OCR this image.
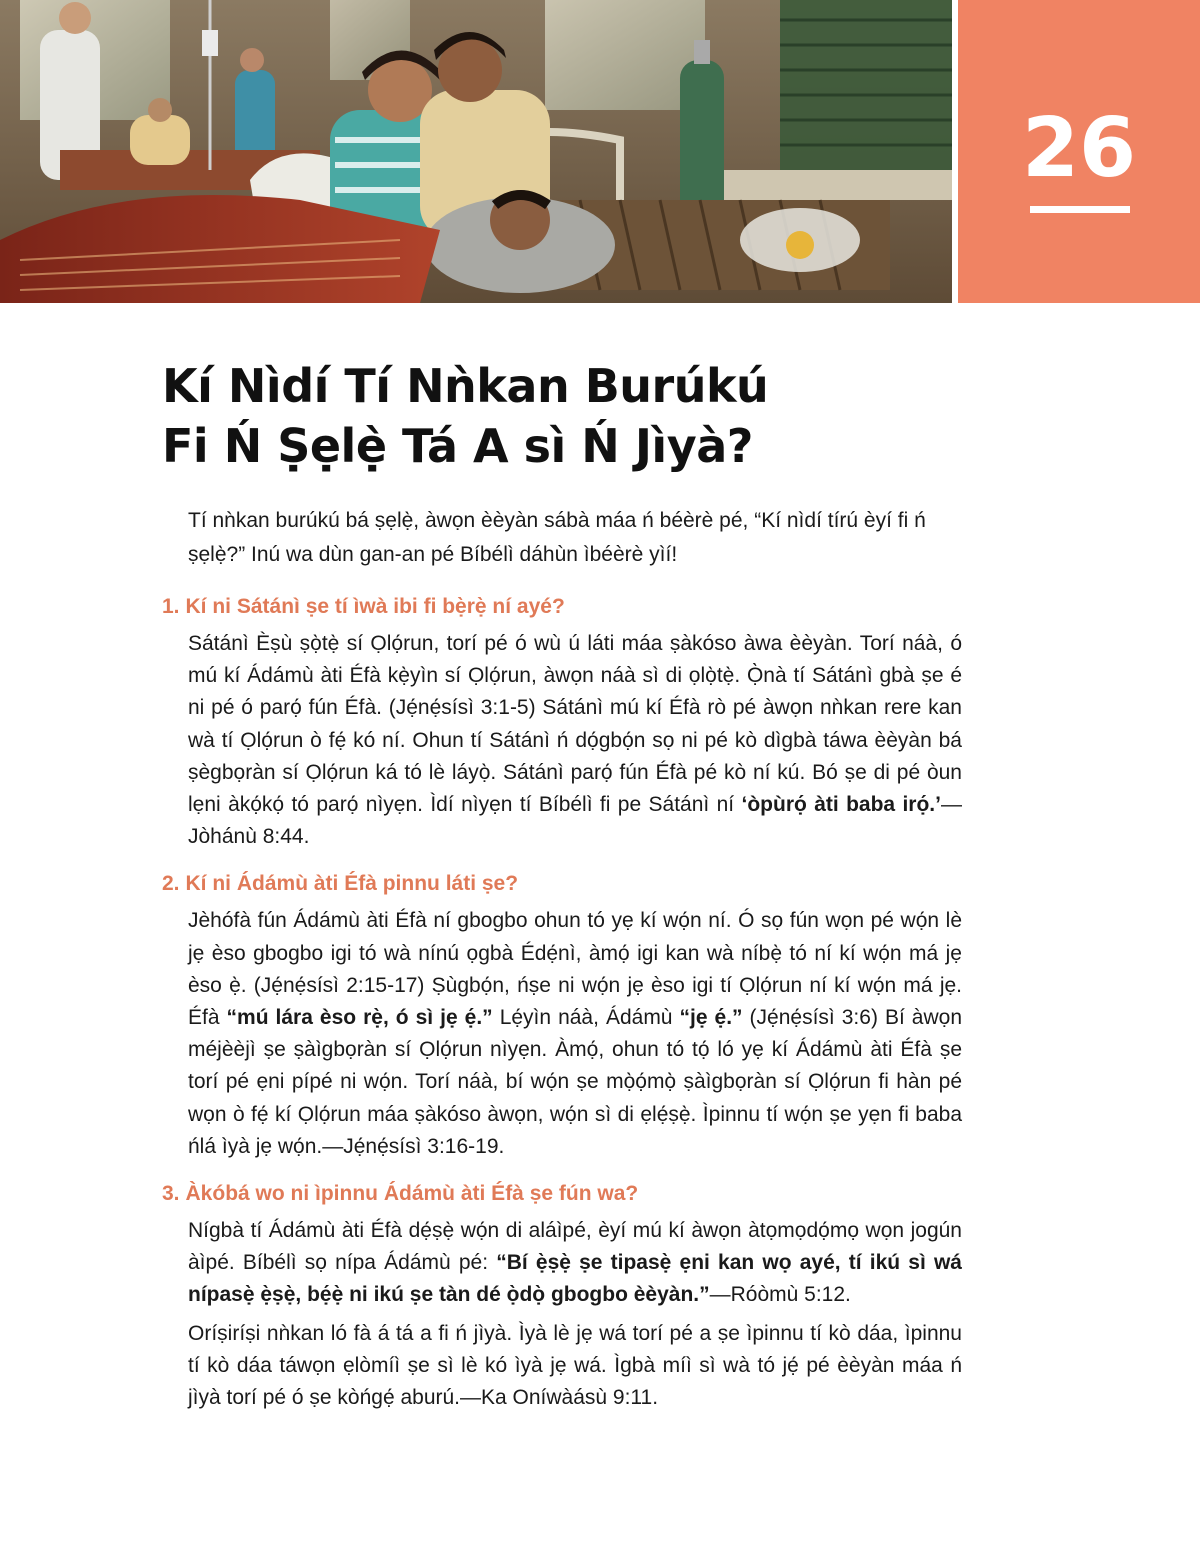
26
Kí Nìdí Tí Nǹkan Burúkú
Fi Ń Ṣẹlẹ̀ Tá A sì Ń Jìyà?

Tí nǹkan burúkú bá ṣẹlẹ̀, àwọn èèyàn sábà máa ń béèrè pé, “Kí nìdí tírú èyí fi ń ṣẹlẹ̀?” Inú wa dùn gan-an pé Bíbélì dáhùn ìbéèrè yìí!

1. Kí ni Sátánì ṣe tí ìwà ibi fi bẹ̀rẹ̀ ní ayé?

Sátánì Èṣù ṣọ̀tẹ̀ sí Ọlọ́run, torí pé ó wù ú láti máa ṣàkóso àwa èèyàn. Torí náà, ó mú kí Ádámù àti Éfà kẹ̀yìn sí Ọlọ́run, àwọn náà sì di ọlọ̀tẹ̀. Ọ̀nà tí Sátánì gbà ṣe é ni pé ó parọ́ fún Éfà. (Jẹ́nẹ́sísì 3:1-5) Sátánì mú kí Éfà rò pé àwọn nǹkan rere kan wà tí Ọlọ́run ò fẹ́ kó ní. Ohun tí Sátánì ń dọ́gbọ́n sọ ni pé kò dìgbà táwa èèyàn bá ṣègbọràn sí Ọlọ́run ká tó lè láyọ̀. Sátánì parọ́ fún Éfà pé kò ní kú. Bó ṣe di pé òun lẹni àkọ́kọ́ tó parọ́ nìyẹn. Ìdí nìyẹn tí Bíbélì fi pe Sátánì ní ‘òpùrọ́ àti baba irọ́.’—Jòhánù 8:44.

2. Kí ni Ádámù àti Éfà pinnu láti ṣe?

Jèhófà fún Ádámù àti Éfà ní gbogbo ohun tó yẹ kí wọ́n ní. Ó sọ fún wọn pé wọ́n lè jẹ èso gbogbo igi tó wà nínú ọgbà Édẹ́nì, àmọ́ igi kan wà níbẹ̀ tó ní kí wọ́n má jẹ èso ẹ̀. (Jẹ́nẹ́sísì 2:15-17) Ṣùgbọ́n, ńṣe ni wọ́n jẹ èso igi tí Ọlọ́run ní kí wọ́n má jẹ. Éfà “mú lára èso rẹ̀, ó sì jẹ ẹ́.” Lẹ́yìn náà, Ádámù “jẹ ẹ́.” (Jẹ́nẹ́sísì 3:6) Bí àwọn méjèèjì ṣe ṣàìgbọràn sí Ọlọ́run nìyẹn. Àmọ́, ohun tó tọ́ ló yẹ kí Ádámù àti Éfà ṣe torí pé ẹni pípé ni wọ́n. Torí náà, bí wọ́n ṣe mọ̀ọ́mọ̀ ṣàìgbọràn sí Ọlọ́run fi hàn pé wọn ò fẹ́ kí Ọlọ́run máa ṣàkóso àwọn, wọ́n sì di ẹlẹ́ṣẹ̀. Ìpinnu tí wọ́n ṣe yẹn fi baba ńlá ìyà jẹ wọ́n.—Jẹ́nẹ́sísì 3:16-19.

3. Àkóbá wo ni ìpinnu Ádámù àti Éfà ṣe fún wa?

Nígbà tí Ádámù àti Éfà dẹ́ṣẹ̀ wọ́n di aláìpé, èyí mú kí àwọn àtọmọdọ́mọ wọn jogún àìpé. Bíbélì sọ nípa Ádámù pé: “Bí ẹ̀ṣẹ̀ ṣe tipasẹ̀ ẹni kan wọ ayé, tí ikú sì wá nípasẹ̀ ẹ̀ṣẹ̀, bẹ́ẹ̀ ni ikú ṣe tàn dé ọ̀dọ̀ gbogbo èèyàn.”—Róòmù 5:12.

Oríṣiríṣi nǹkan ló fà á tá a fi ń jìyà. Ìyà lè jẹ wá torí pé a ṣe ìpinnu tí kò dáa, ìpinnu tí kò dáa táwọn ẹlòmíì ṣe sì lè kó ìyà jẹ wá. Ìgbà míì sì wà tó jẹ́ pé èèyàn máa ń jìyà torí pé ó ṣe kòńgẹ́ aburú.—Ka Oníwàásù 9:11.
